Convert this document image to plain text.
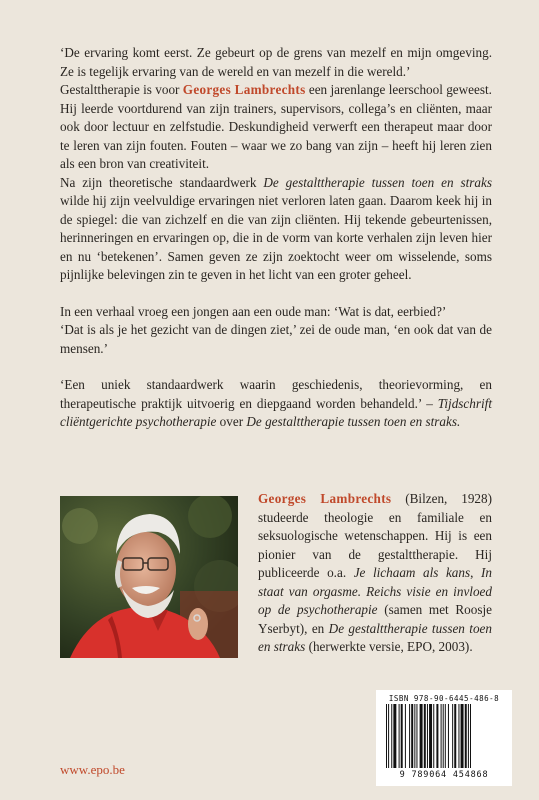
‘De ervaring komt eerst. Ze gebeurt op de grens van mezelf en mijn omgeving. Ze is tegelijk ervaring van de wereld en van mezelf in die wereld.’

Gestalttherapie is voor Georges Lambrechts een jarenlange leerschool geweest. Hij leerde voortdurend van zijn trainers, supervisors, collega’s en cliënten, maar ook door lectuur en zelfstudie. Deskundigheid verwerft een therapeut maar door te leren van zijn fouten. Fouten – waar we zo bang van zijn – heeft hij leren zien als een bron van creativiteit.

Na zijn theoretische standaardwerk De gestalttherapie tussen toen en straks wilde hij zijn veelvuldige ervaringen niet verloren laten gaan. Daarom keek hij in de spiegel: die van zichzelf en die van zijn cliënten. Hij tekende gebeurtenissen, herinneringen en ervaringen op, die in de vorm van korte verhalen zijn leven hier en nu ‘betekenen’. Samen geven ze zijn zoektocht weer om wisselende, soms pijnlijke belevingen zin te geven in het licht van een groter geheel.

In een verhaal vroeg een jongen aan een oude man: ‘Wat is dat, eerbied?’

‘Dat is als je het gezicht van de dingen ziet,’ zei de oude man, ‘en ook dat van de mensen.’

‘Een uniek standaardwerk waarin geschiedenis, theorievorming, en therapeutische praktijk uitvoerig en diepgaand worden behandeld.’ – Tijdschrift cliëntgerichte psychotherapie over De gestalttherapie tussen toen en straks.

Georges Lambrechts (Bilzen, 1928) studeerde theologie en familiale en seksuologische wetenschappen. Hij is een pionier van de gestalttherapie. Hij publiceerde o.a. Je lichaam als kans, In staat van orgasme. Reichs visie en invloed op de psychotherapie (samen met Roosje Yserbyt), en De gestalttherapie tussen toen en straks (herwerkte versie, EPO, 2003).
ISBN 978-90-6445-486-8
9 789064 454868
www.epo.be
